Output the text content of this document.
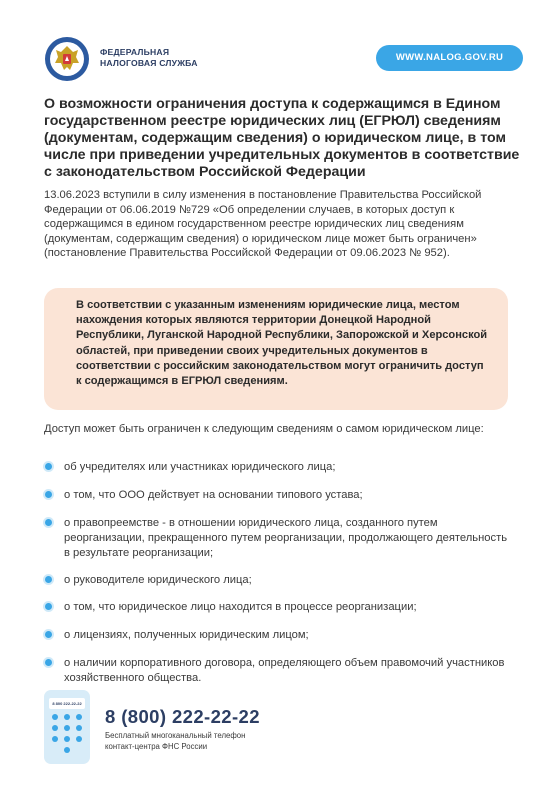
ФЕДЕРАЛЬНАЯ
НАЛОГОВАЯ СЛУЖБА	WWW.NALOG.GOV.RU
О возможности ограничения доступа к содержащимся в Едином государственном реестре юридических лиц (ЕГРЮЛ) сведениям (документам, содержащим сведения) о юридическом лице, в том числе при приведении учредительных документов в соответствие с законодательством Российской Федерации

13.06.2023 вступили в силу изменения в постановление Правительства Российской Федерации от 06.06.2019 №729 «Об определении случаев, в которых доступ к содержащимся в едином государственном реестре юридических лиц сведениям (документам, содержащим сведения) о юридическом лице может быть ограничен» (постановление Правительства Российской Федерации от 09.06.2023 № 952).

В соответствии с указанным изменениям юридические лица, местом нахождения которых являются территории Донецкой Народной Республики, Луганской Народной Республики, Запорожской и Херсонской областей, при приведении своих учредительных документов в соответствии с российским законодательством могут ограничить доступ к содержащимся в ЕГРЮЛ сведениям.

Доступ может быть ограничен к следующим сведениям о самом юридическом лице:

об учредителях или участниках юридического лица;
о том, что ООО действует на основании типового устава;
о правопреемстве - в отношении юридического лица, созданного путем реорганизации, прекращенного путем реорганизации, продолжающего деятельность в результате реорганизации;
о руководителе юридического лица;
о том, что юридическое лицо находится в процессе реорганизации;
о лицензиях, полученных юридическим лицом;
о наличии корпоративного договора, определяющего объем правомочий участников хозяйственного общества.
8 800 222-22-22
8 (800) 222-22-22
Бесплатный многоканальный телефон
контакт-центра ФНС России
